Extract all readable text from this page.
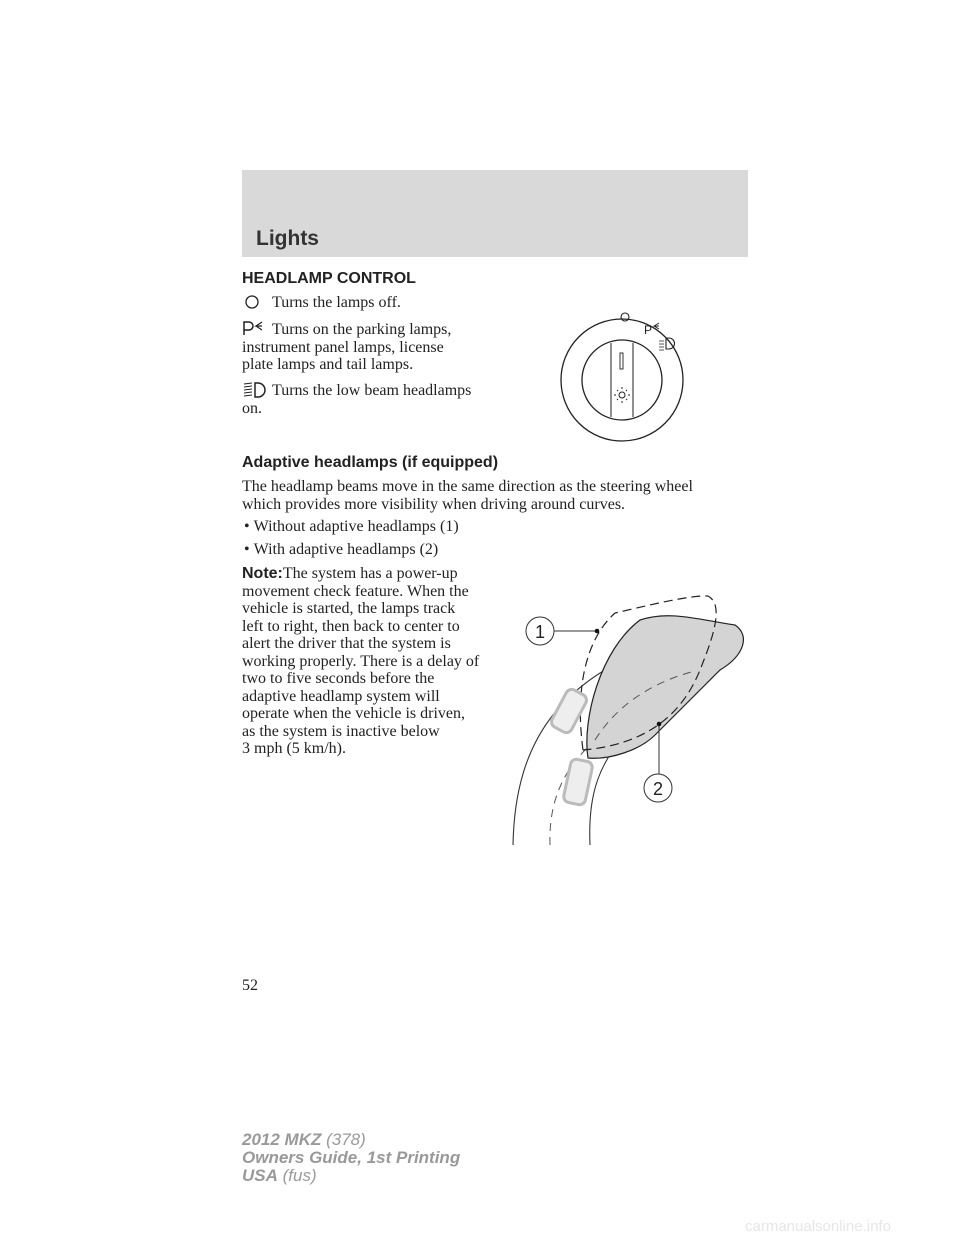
Lights
HEADLAMP CONTROL
Turns the lamps off.
Turns on the parking lamps,
instrument panel lamps, license
plate lamps and tail lamps.
Turns the low beam headlamps
on.
P
Adaptive headlamps (if equipped)
The headlamp beams move in the same direction as the steering wheel
which provides more visibility when driving around curves.
• Without adaptive headlamps (1)
• With adaptive headlamps (2)
Note:The system has a power-up
movement check feature. When the
vehicle is started, the lamps track
left to right, then back to center to
alert the driver that the system is
working properly. There is a delay of
two to five seconds before the
adaptive headlamp system will
operate when the vehicle is driven,
as the system is inactive below
3 mph (5 km/h).
1
2
52
2012 MKZ (378)
Owners Guide, 1st Printing
USA (fus)
carmanualsonline.info
